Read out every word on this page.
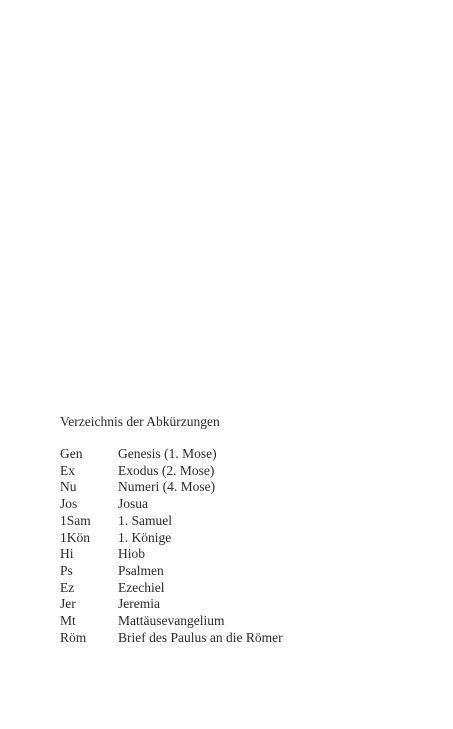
Verzeichnis der Abkürzungen
Gen	Genesis (1. Mose)
Ex	Exodus (2. Mose)
Nu	Numeri (4. Mose)
Jos	Josua
1Sam	1. Samuel
1Kön	1. Könige
Hi	Hiob
Ps	Psalmen
Ez	Ezechiel
Jer	Jeremia
Mt	Mattäusevangelium
Röm	Brief des Paulus an die Römer
